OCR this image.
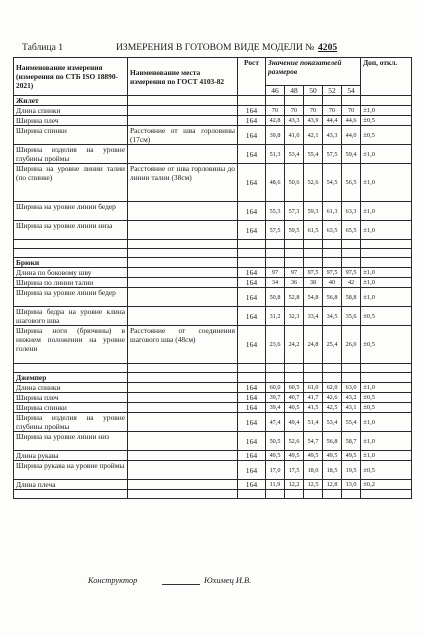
Таблица 1	ИЗМЕРЕНИЯ В ГОТОВОМ ВИДЕ МОДЕЛИ № 4205
Наименование измерения (измерения по СТБ ISO 18890-2021)	Наименование места измерения по ГОСТ 4103-82	Рост	Значение показателей размеров					Доп, откл.
			46	48	50	52	54	
Жилет								
Длина спинки		164	70	70	70	70	70	±1,0
Ширина плеч		164	42,8	43,3	43,9	44,4	44,6	±0,5
Ширина спинки	Расстояние от шва горловины (17см)	164	39,8	41,0	42,1	43,3	44,0	±0,5
Ширина изделия на уровне глубины проймы		164	51,3	53,4	55,4	57,5	59,4	±1,0
Ширина на уровне линии талии (по спинке)	Расстояние от шва горловины до линии талии (38см)	164	48,6	50,6	52,6	54,5	56,5	±1,0
Ширина на уровне линии бедер		164	55,3	57,3	59,3	61,3	63,3	±1,0
Ширина на уровне линии низа		164	57,5	59,5	61,5	63,5	65,5	±1,0

Брюки								
Длина по боковому шву		164	97	97	97,5	97,5	97,5	±1,0
Ширина по линии талии		164	34	36	38	40	42	±1,0
Ширина на уровне линии бедер		164	50,8	52,8	54,8	56,8	58,8	±1,0
Ширина бедра на уровне клина шагового шва		164	31,2	32,3	33,4	34,5	35,6	±0,5
Ширина ноги (брючины) в нижнем положении на уровне голени	Расстояние от соединения шагового шва (48см)	164	23,6	24,2	24,8	25,4	26,0	±0,5

Джемпер								
Длина спинки		164	60,0	60,5	61,0	62,0	63,0	±1,0
Ширина плеч		164	39,7	40,7	41,7	42,6	43,2	±0,5
Ширина спинки		164	39,4	40,5	41,5	42,5	43,1	±0,5
Ширина изделия на уровне глубины проймы		164	47,4	49,4	51,4	53,4	55,4	±1,0
Ширина на уровне линии низ		164	50,5	52,6	54,7	56,8	58,7	±1,0
Длина рукава		164	49,5	49,5	49,5	49,5	49,5	±1,0
Ширина рукава на уровне проймы		164	17,0	17,5	18,0	18,5	19,5	±0,5
Длина плеча		164	11,9	12,2	12,5	12,8	13,0	±0,2

Конструктор	Юхимец И.В.
